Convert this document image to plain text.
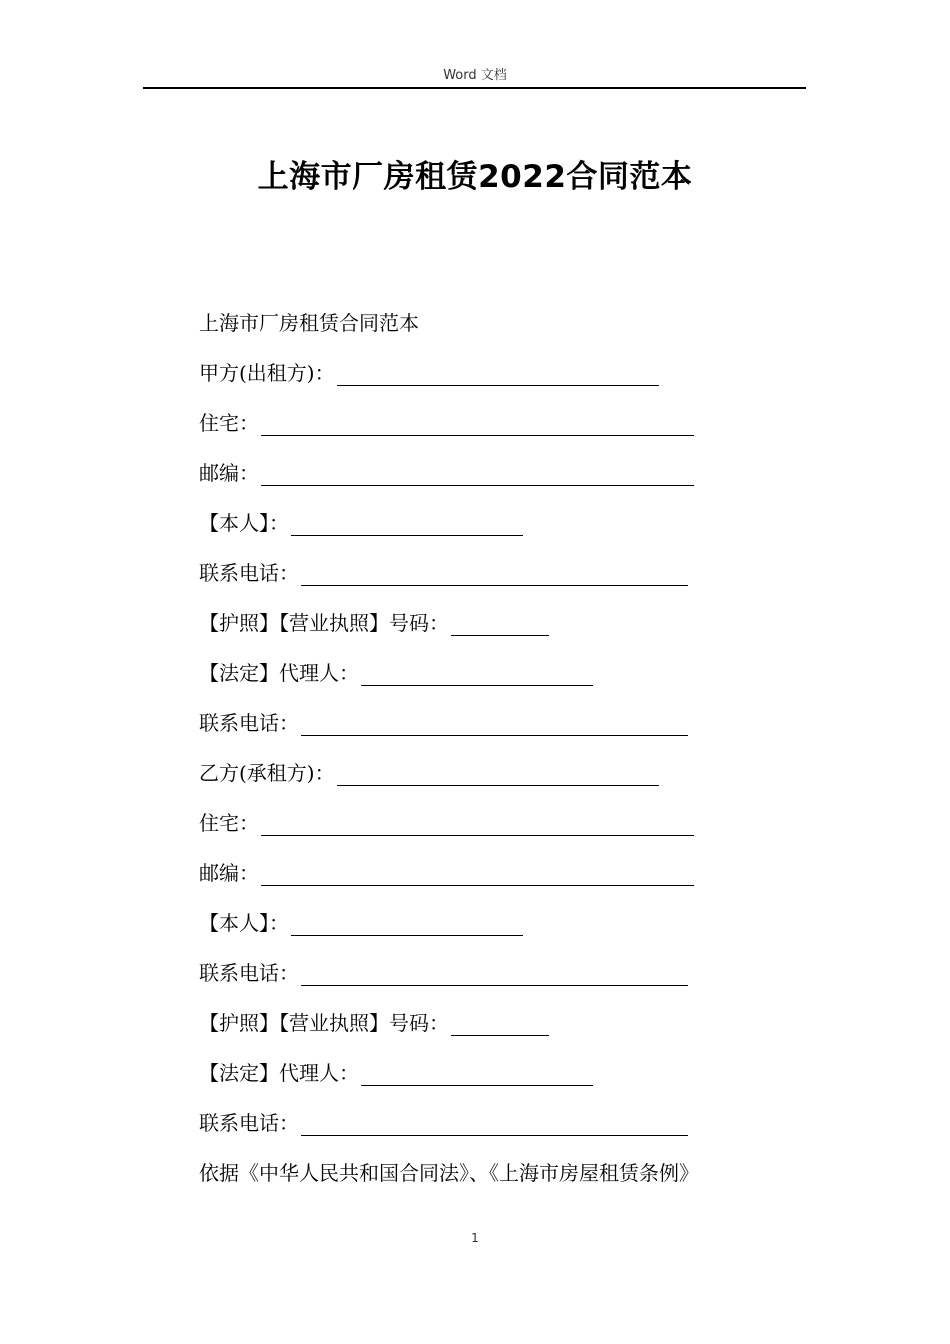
Word 文档
上海市厂房租赁2022合同范本
上海市厂房租赁合同范本
甲方(出租方)：
住宅：
邮编：
【本人】：
联系电话：
【护照】【营业执照】号码：
【法定】代理人：
联系电话：
乙方(承租方)：
住宅：
邮编：
【本人】：
联系电话：
【护照】【营业执照】号码：
【法定】代理人：
联系电话：
依据《中华人民共和国合同法》、《上海市房屋租赁条例》
1
